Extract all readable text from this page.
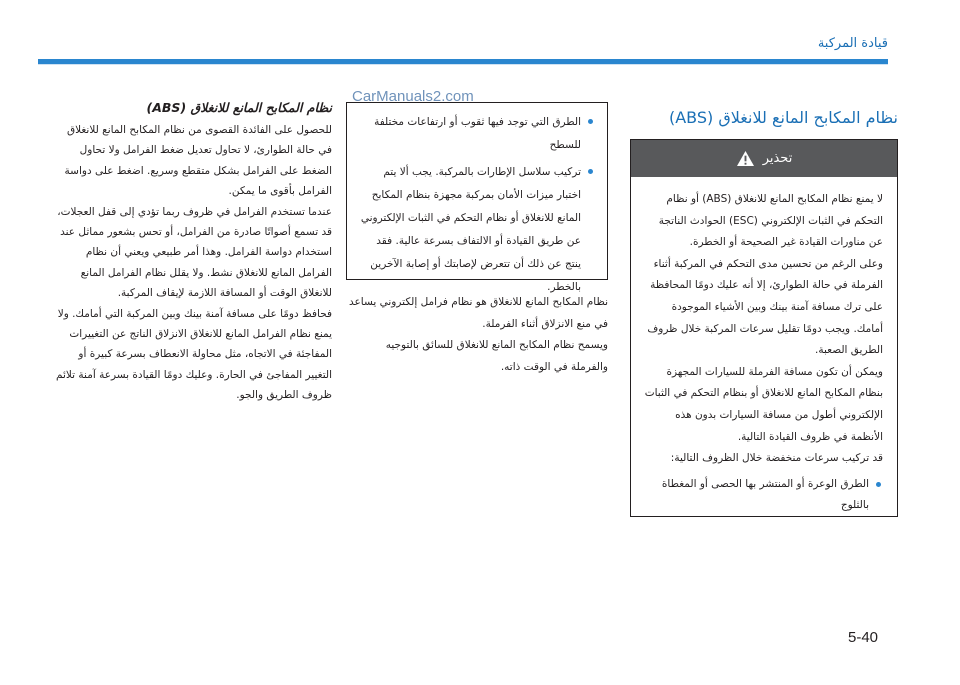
قيادة المركبة
CarManuals2.com
نظام المكابح المانع للانغلاق (ABS)
تحذير

لا يمنع نظام المكابح المانع للانغلاق (ABS) أو نظام التحكم في الثبات الإلكتروني (ESC) الحوادث الناتجة عن مناورات القيادة غير الصحيحة أو الخطرة.

وعلى الرغم من تحسين مدى التحكم في المركبة أثناء الفرملة في حالة الطوارئ، إلا أنه عليك دومًا المحافظة على ترك مسافة آمنة بينك وبين الأشياء الموجودة أمامك. ويجب دومًا تقليل سرعات المركبة خلال ظروف الطريق الصعبة.

ويمكن أن تكون مسافة الفرملة للسيارات المجهزة بنظام المكابح المانع للانغلاق أو بنظام التحكم في الثبات الإلكتروني أطول من مسافة السيارات بدون هذه الأنظمة في ظروف القيادة التالية.

قد تركيب سرعات منخفضة خلال الظروف التالية:

الطرق الوعرة أو المنتشر بها الحصى أو المغطاة بالثلوج
الطرق التي توجد فيها ثقوب أو ارتفاعات مختلفة للسطح
تركيب سلاسل الإطارات بالمركبة. يجب ألا يتم اختبار ميزات الأمان بمركبة مجهزة بنظام المكابح المانع للانغلاق أو نظام التحكم في الثبات الإلكتروني عن طريق القيادة أو الالتفاف بسرعة عالية. فقد ينتج عن ذلك أن تتعرض لإصابتك أو إصابة الآخرين بالخطر.

نظام المكابح المانع للانغلاق هو نظام فرامل إلكتروني يساعد في منع الانزلاق أثناء الفرملة.

ويسمح نظام المكابح المانع للانغلاق للسائق بالتوجيه والفرملة في الوقت ذاته.

نظام المكابح المانع للانغلاق (ABS)

للحصول على الفائدة القصوى من نظام المكابح المانع للانغلاق في حالة الطوارئ، لا تحاول تعديل ضغط الفرامل ولا تحاول الضغط على الفرامل بشكل متقطع وسريع. اضغط على دواسة الفرامل بأقوى ما يمكن.

عندما تستخدم الفرامل في ظروف ربما تؤدي إلى قفل العجلات، قد تسمع أصواتًا صادرة من الفرامل، أو تحس بشعور مماثل عند استخدام دواسة الفرامل. وهذا أمر طبيعي ويعني أن نظام الفرامل المانع للانغلاق نشط. ولا يقلل نظام الفرامل المانع للانغلاق الوقت أو المسافة اللازمة لإيقاف المركبة.

فحافظ دومًا على مسافة آمنة بينك وبين المركبة التي أمامك. ولا يمنع نظام الفرامل المانع للانغلاق الانزلاق الناتج عن التغييرات المفاجئة في الاتجاه، مثل محاولة الانعطاف بسرعة كبيرة أو التغيير المفاجئ في الحارة. وعليك دومًا القيادة بسرعة آمنة تلائم ظروف الطريق والجو.

5-40
